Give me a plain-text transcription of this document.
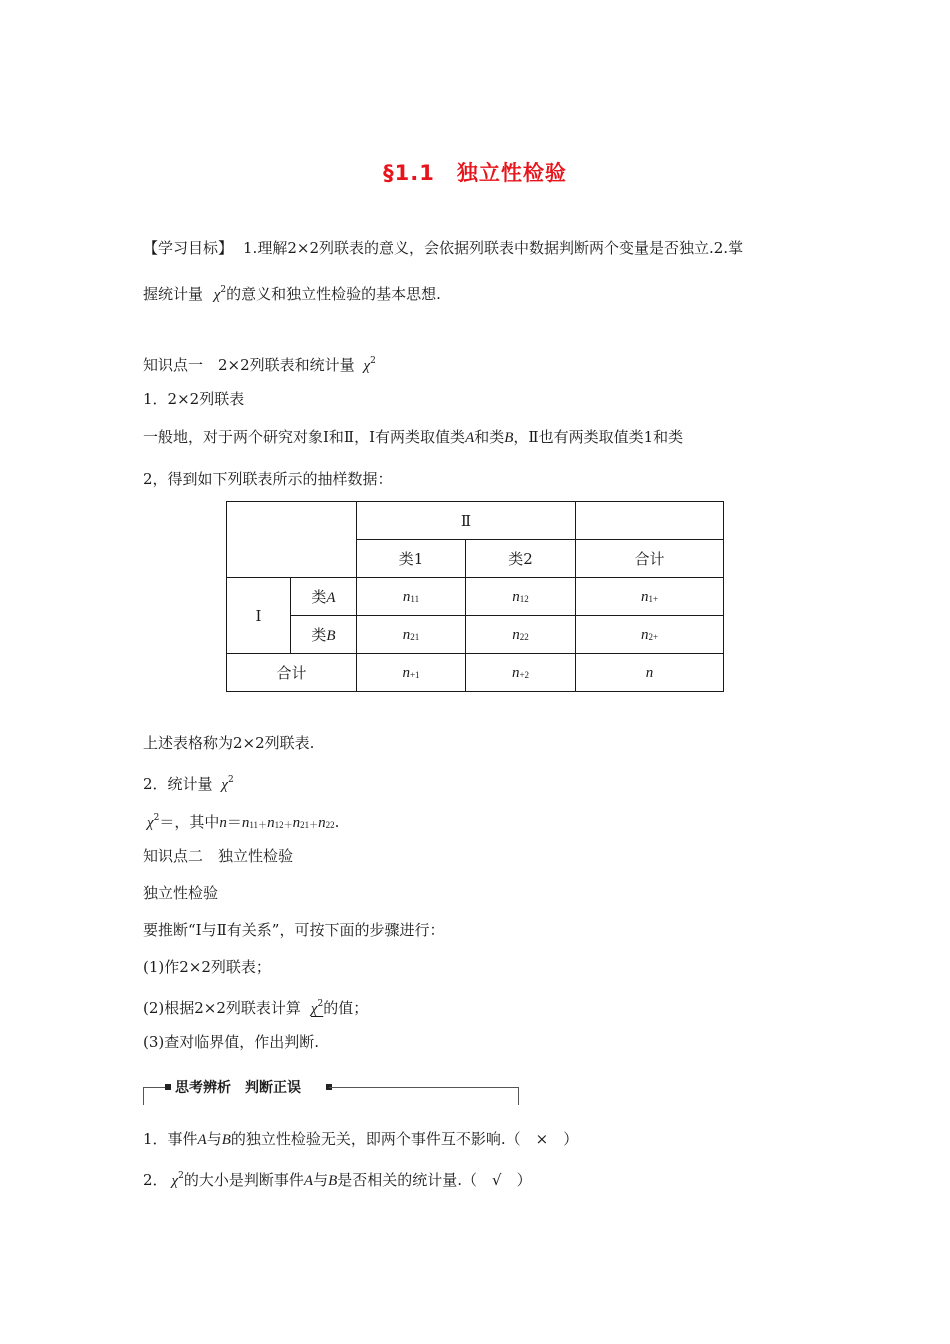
§1.1　独立性检验
【学习目标】 1.理解2×2列联表的意义，会依据列联表中数据判断两个变量是否独立.2.掌
握统计量 $\chi^2$的意义和独立性检验的基本思想.
知识点一　2×2列联表和统计量 $\chi^2$
1．2×2列联表
一般地，对于两个研究对象Ⅰ和Ⅱ，Ⅰ有两类取值类A和类B，Ⅱ也有两类取值类1和类
2，得到如下列联表所示的抽样数据：
		Ⅱ		
		类1	类2	合计
Ⅰ	类A	$n_{11}$	$n_{12}$	$n_{1+}$
	类B	$n_{21}$	$n_{22}$	$n_{2+}$
合计		$n_{+1}$	$n_{+2}$	n
上述表格称为2×2列联表.
2．统计量 $\chi^2$
$\chi^2=$，其中$n=n_{11+}n_{12+}n_{21+}n_{22}$.
知识点二　独立性检验
独立性检验
要推断“Ⅰ与Ⅱ有关系”，可按下面的步骤进行：
(1)作2×2列联表；
(2)根据2×2列联表计算 $\chi^2$的值；
(3)查对临界值，作出判断.
思考辨析　判断正误
1．事件A与B的独立性检验无关，即两个事件互不影响.（　×　）
2． $\chi^2$的大小是判断事件A与B是否相关的统计量.（　√　）
